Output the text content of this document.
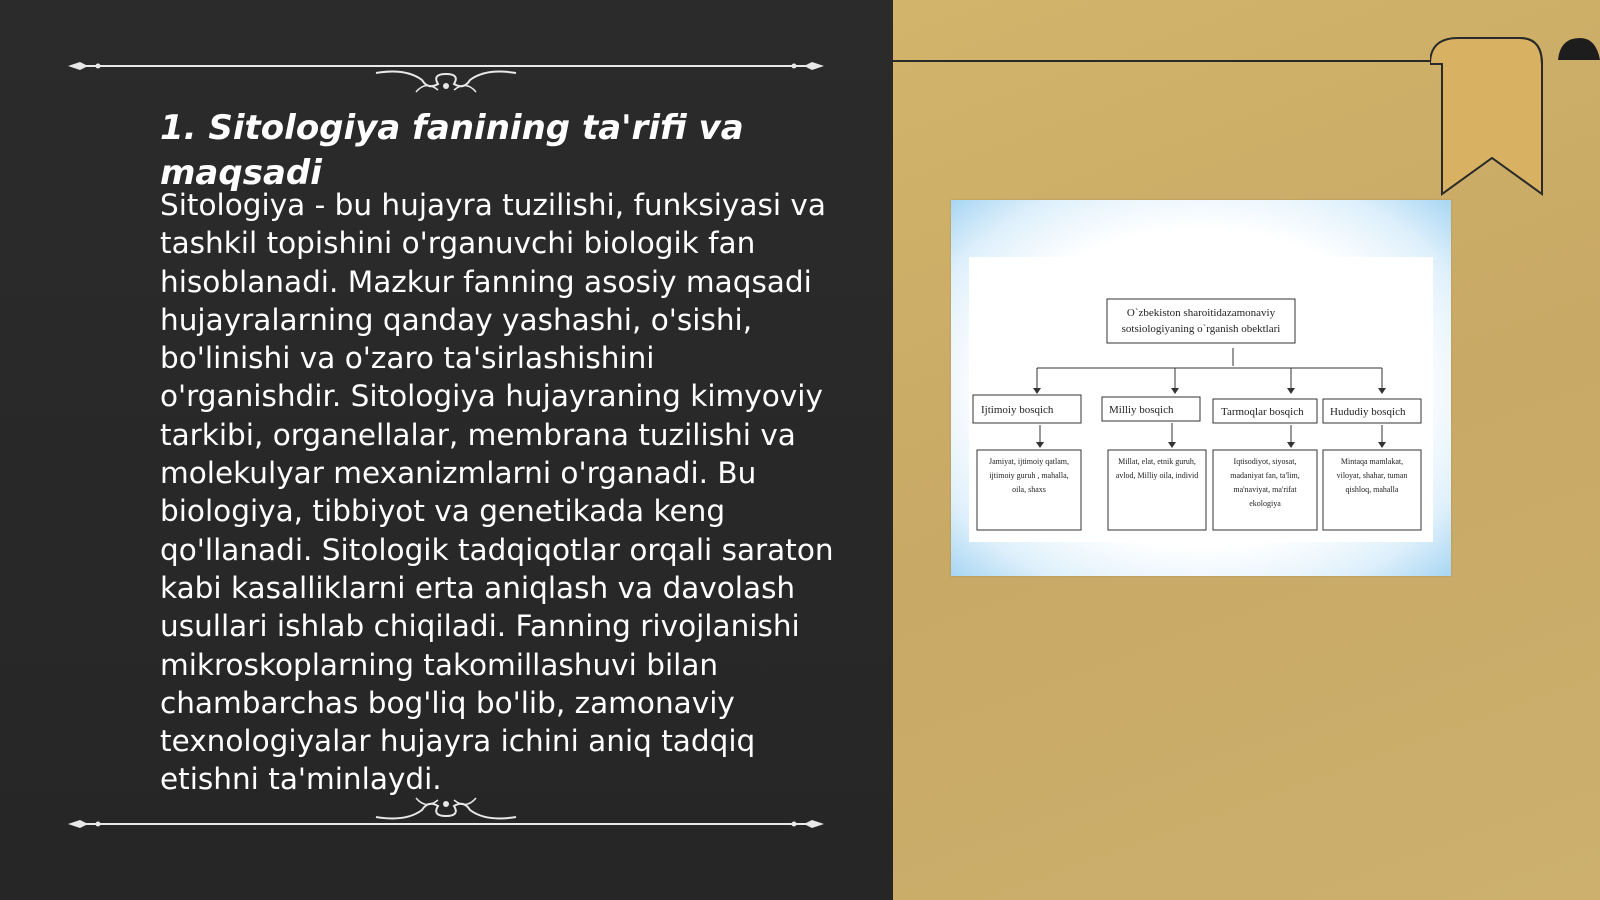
1. Sitologiya fanining ta'rifi va maqsadi

Sitologiya - bu hujayra tuzilishi, funksiyasi va tashkil topishini o'rganuvchi biologik fan hisoblanadi. Mazkur fanning asosiy maqsadi hujayralarning qanday yashashi, o'sishi, bo'linishi va o'zaro ta'sirlashishini o'rganishdir. Sitologiya hujayraning kimyoviy tarkibi, organellalar, membrana tuzilishi va molekulyar mexanizmlarni o'rganadi. Bu biologiya, tibbiyot va genetikada keng qo'llanadi. Sitologik tadqiqotlar orqali saraton kabi kasalliklarni erta aniqlash va davolash usullari ishlab chiqiladi. Fanning rivojlanishi mikroskoplarning takomillashuvi bilan chambarchas bog'liq bo'lib, zamonaviy texnologiyalar hujayra ichini aniq tadqiq etishni ta'minlaydi.

O`zbekiston sharoitidazamonaviy
sotsiologiyaning o`rganish obektlari
Ijtimoiy bosqich	Milliy bosqich	Tarmoqlar bosqich Hududiy bosqich
Jamiyat, ijtimoiy qatlam,
ijtimoiy guruh , mahalla,
oila, shaxs
Millat, elat, etnik guruh,
avlod, Milliy oila, individ
Iqtisodiyot, siyosat,
madaniyat fan, ta'lim,
ma'naviyat, ma'rifat
ekologiya
Mintaqa mamlakat,
viloyat, shahar, tuman
qishloq, mahalla
